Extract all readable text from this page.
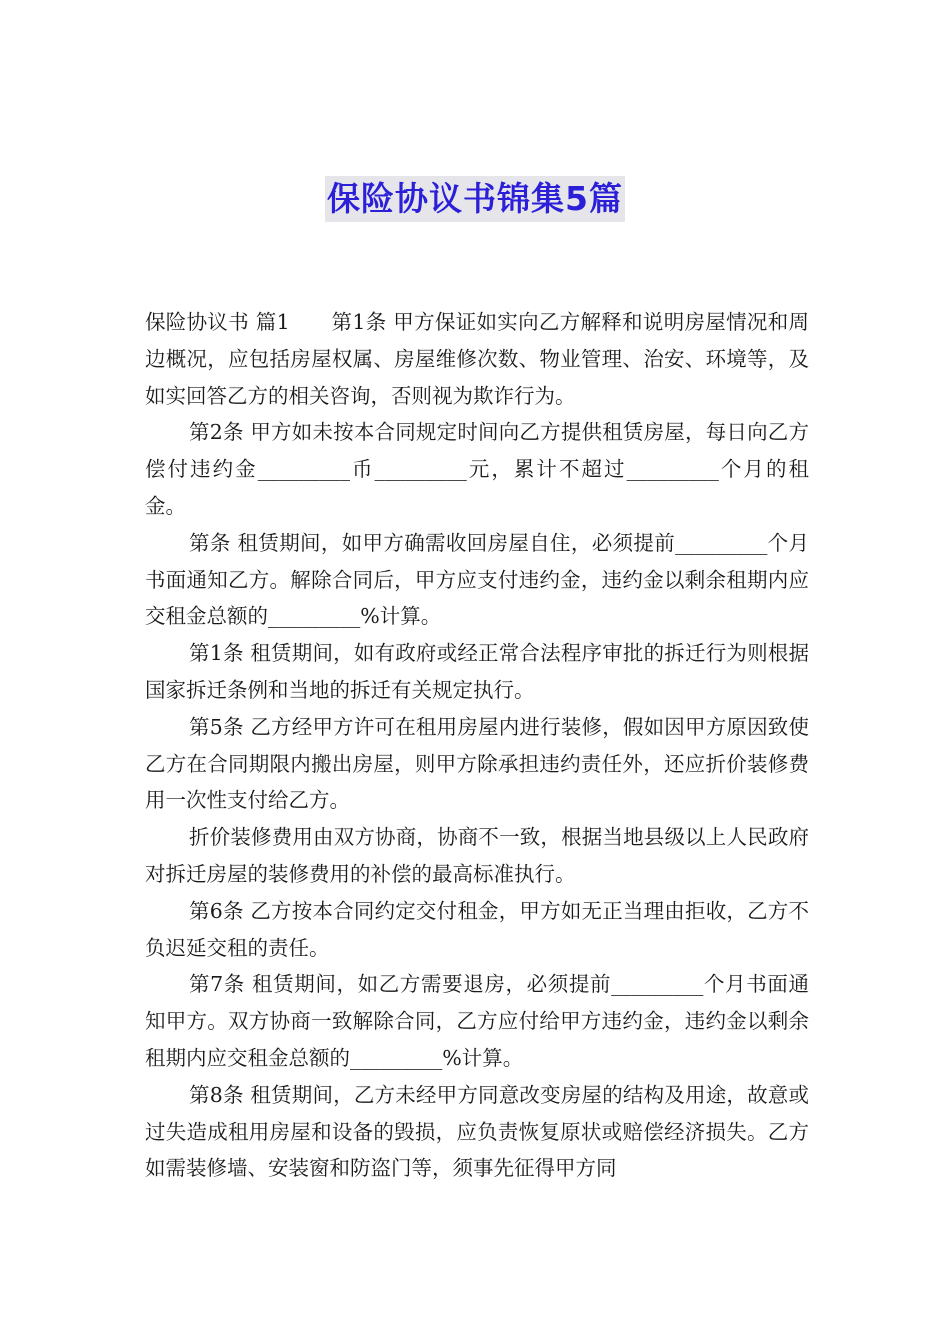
保险协议书锦集5篇

保险协议书 篇1　　第1条 甲方保证如实向乙方解释和说明房屋情况和周边概况，应包括房屋权属、房屋维修次数、物业管理、治安、环境等，及如实回答乙方的相关咨询，否则视为欺诈行为。

第2条 甲方如未按本合同规定时间向乙方提供租赁房屋，每日向乙方偿付违约金_________币_________元，累计不超过_________个月的租金。

第条 租赁期间，如甲方确需收回房屋自住，必须提前_________个月书面通知乙方。解除合同后，甲方应支付违约金，违约金以剩余租期内应交租金总额的_________%计算。

第1条 租赁期间，如有政府或经正常合法程序审批的拆迁行为则根据国家拆迁条例和当地的拆迁有关规定执行。

第5条 乙方经甲方许可在租用房屋内进行装修，假如因甲方原因致使乙方在合同期限内搬出房屋，则甲方除承担违约责任外，还应折价装修费用一次性支付给乙方。

折价装修费用由双方协商，协商不一致，根据当地县级以上人民政府对拆迁房屋的装修费用的补偿的最高标准执行。

第6条 乙方按本合同约定交付租金，甲方如无正当理由拒收，乙方不负迟延交租的责任。

第7条 租赁期间，如乙方需要退房，必须提前_________个月书面通知甲方。双方协商一致解除合同，乙方应付给甲方违约金，违约金以剩余租期内应交租金总额的_________%计算。

第8条 租赁期间，乙方未经甲方同意改变房屋的结构及用途，故意或过失造成租用房屋和设备的毁损，应负责恢复原状或赔偿经济损失。乙方如需装修墙、安装窗和防盗门等，须事先征得甲方同
